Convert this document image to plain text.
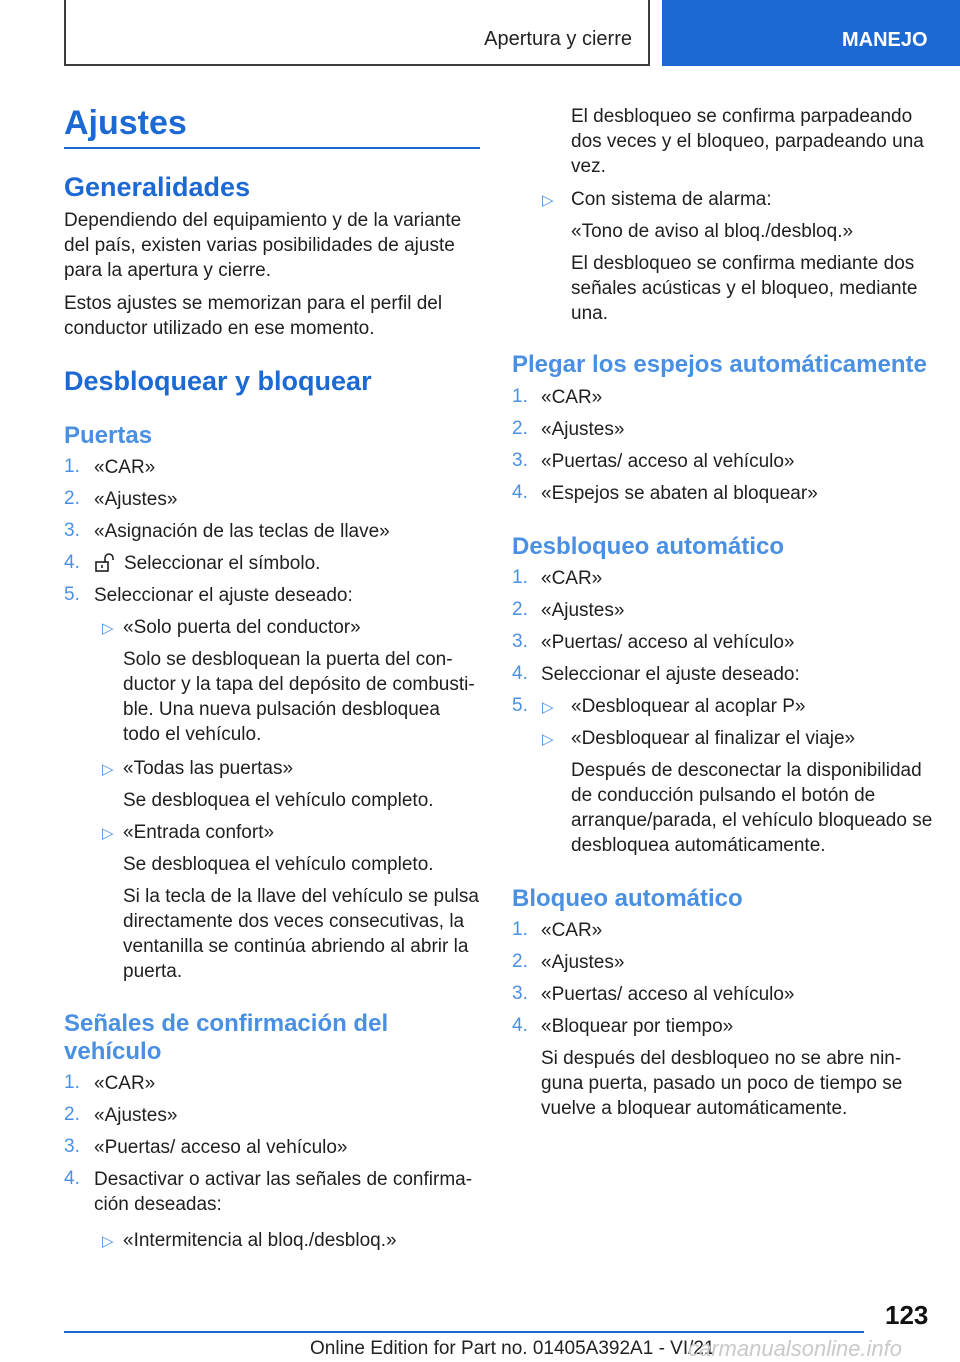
Apertura y cierre	MANEJO
Ajustes
Generalidades
Dependiendo del equipamiento y de la variante
del país, existen varias posibilidades de ajuste
para la apertura y cierre.
Estos ajustes se memorizan para el perfil del
conductor utilizado en ese momento.
Desbloquear y bloquear
Puertas
1. «CAR»
2. «Ajustes»
3. «Asignación de las teclas de llave»
4. Seleccionar el símbolo.
5. Seleccionar el ajuste deseado:
▷ «Solo puerta del conductor»
Solo se desbloquean la puerta del con-
ductor y la tapa del depósito de combusti-
ble. Una nueva pulsación desbloquea
todo el vehículo.
▷ «Todas las puertas»
Se desbloquea el vehículo completo.
▷ «Entrada confort»
Se desbloquea el vehículo completo.
Si la tecla de la llave del vehículo se pulsa
directamente dos veces consecutivas, la
ventanilla se continúa abriendo al abrir la
puerta.
Señales de confirmación del
vehículo
1. «CAR»
2. «Ajustes»
3. «Puertas/ acceso al vehículo»
4. Desactivar o activar las señales de confirma-
ción deseadas:
▷ «Intermitencia al bloq./desbloq.»
El desbloqueo se confirma parpadeando
dos veces y el bloqueo, parpadeando una
vez.
▷ Con sistema de alarma:
«Tono de aviso al bloq./desbloq.»
El desbloqueo se confirma mediante dos
señales acústicas y el bloqueo, mediante
una.
Plegar los espejos automáticamente
1. «CAR»
2. «Ajustes»
3. «Puertas/ acceso al vehículo»
4. «Espejos se abaten al bloquear»
Desbloqueo automático
1. «CAR»
2. «Ajustes»
3. «Puertas/ acceso al vehículo»
4. Seleccionar el ajuste deseado:
5. ▷ «Desbloquear al acoplar P»
▷ «Desbloquear al finalizar el viaje»
Después de desconectar la disponibilidad
de conducción pulsando el botón de
arranque/parada, el vehículo bloqueado se
desbloquea automáticamente.
Bloqueo automático
1. «CAR»
2. «Ajustes»
3. «Puertas/ acceso al vehículo»
4. «Bloquear por tiempo»
Si después del desbloqueo no se abre nin-
guna puerta, pasado un poco de tiempo se
vuelve a bloquear automáticamente.
123
Online Edition for Part no. 01405A392A1 - VI/21
carmanualsonline.info
